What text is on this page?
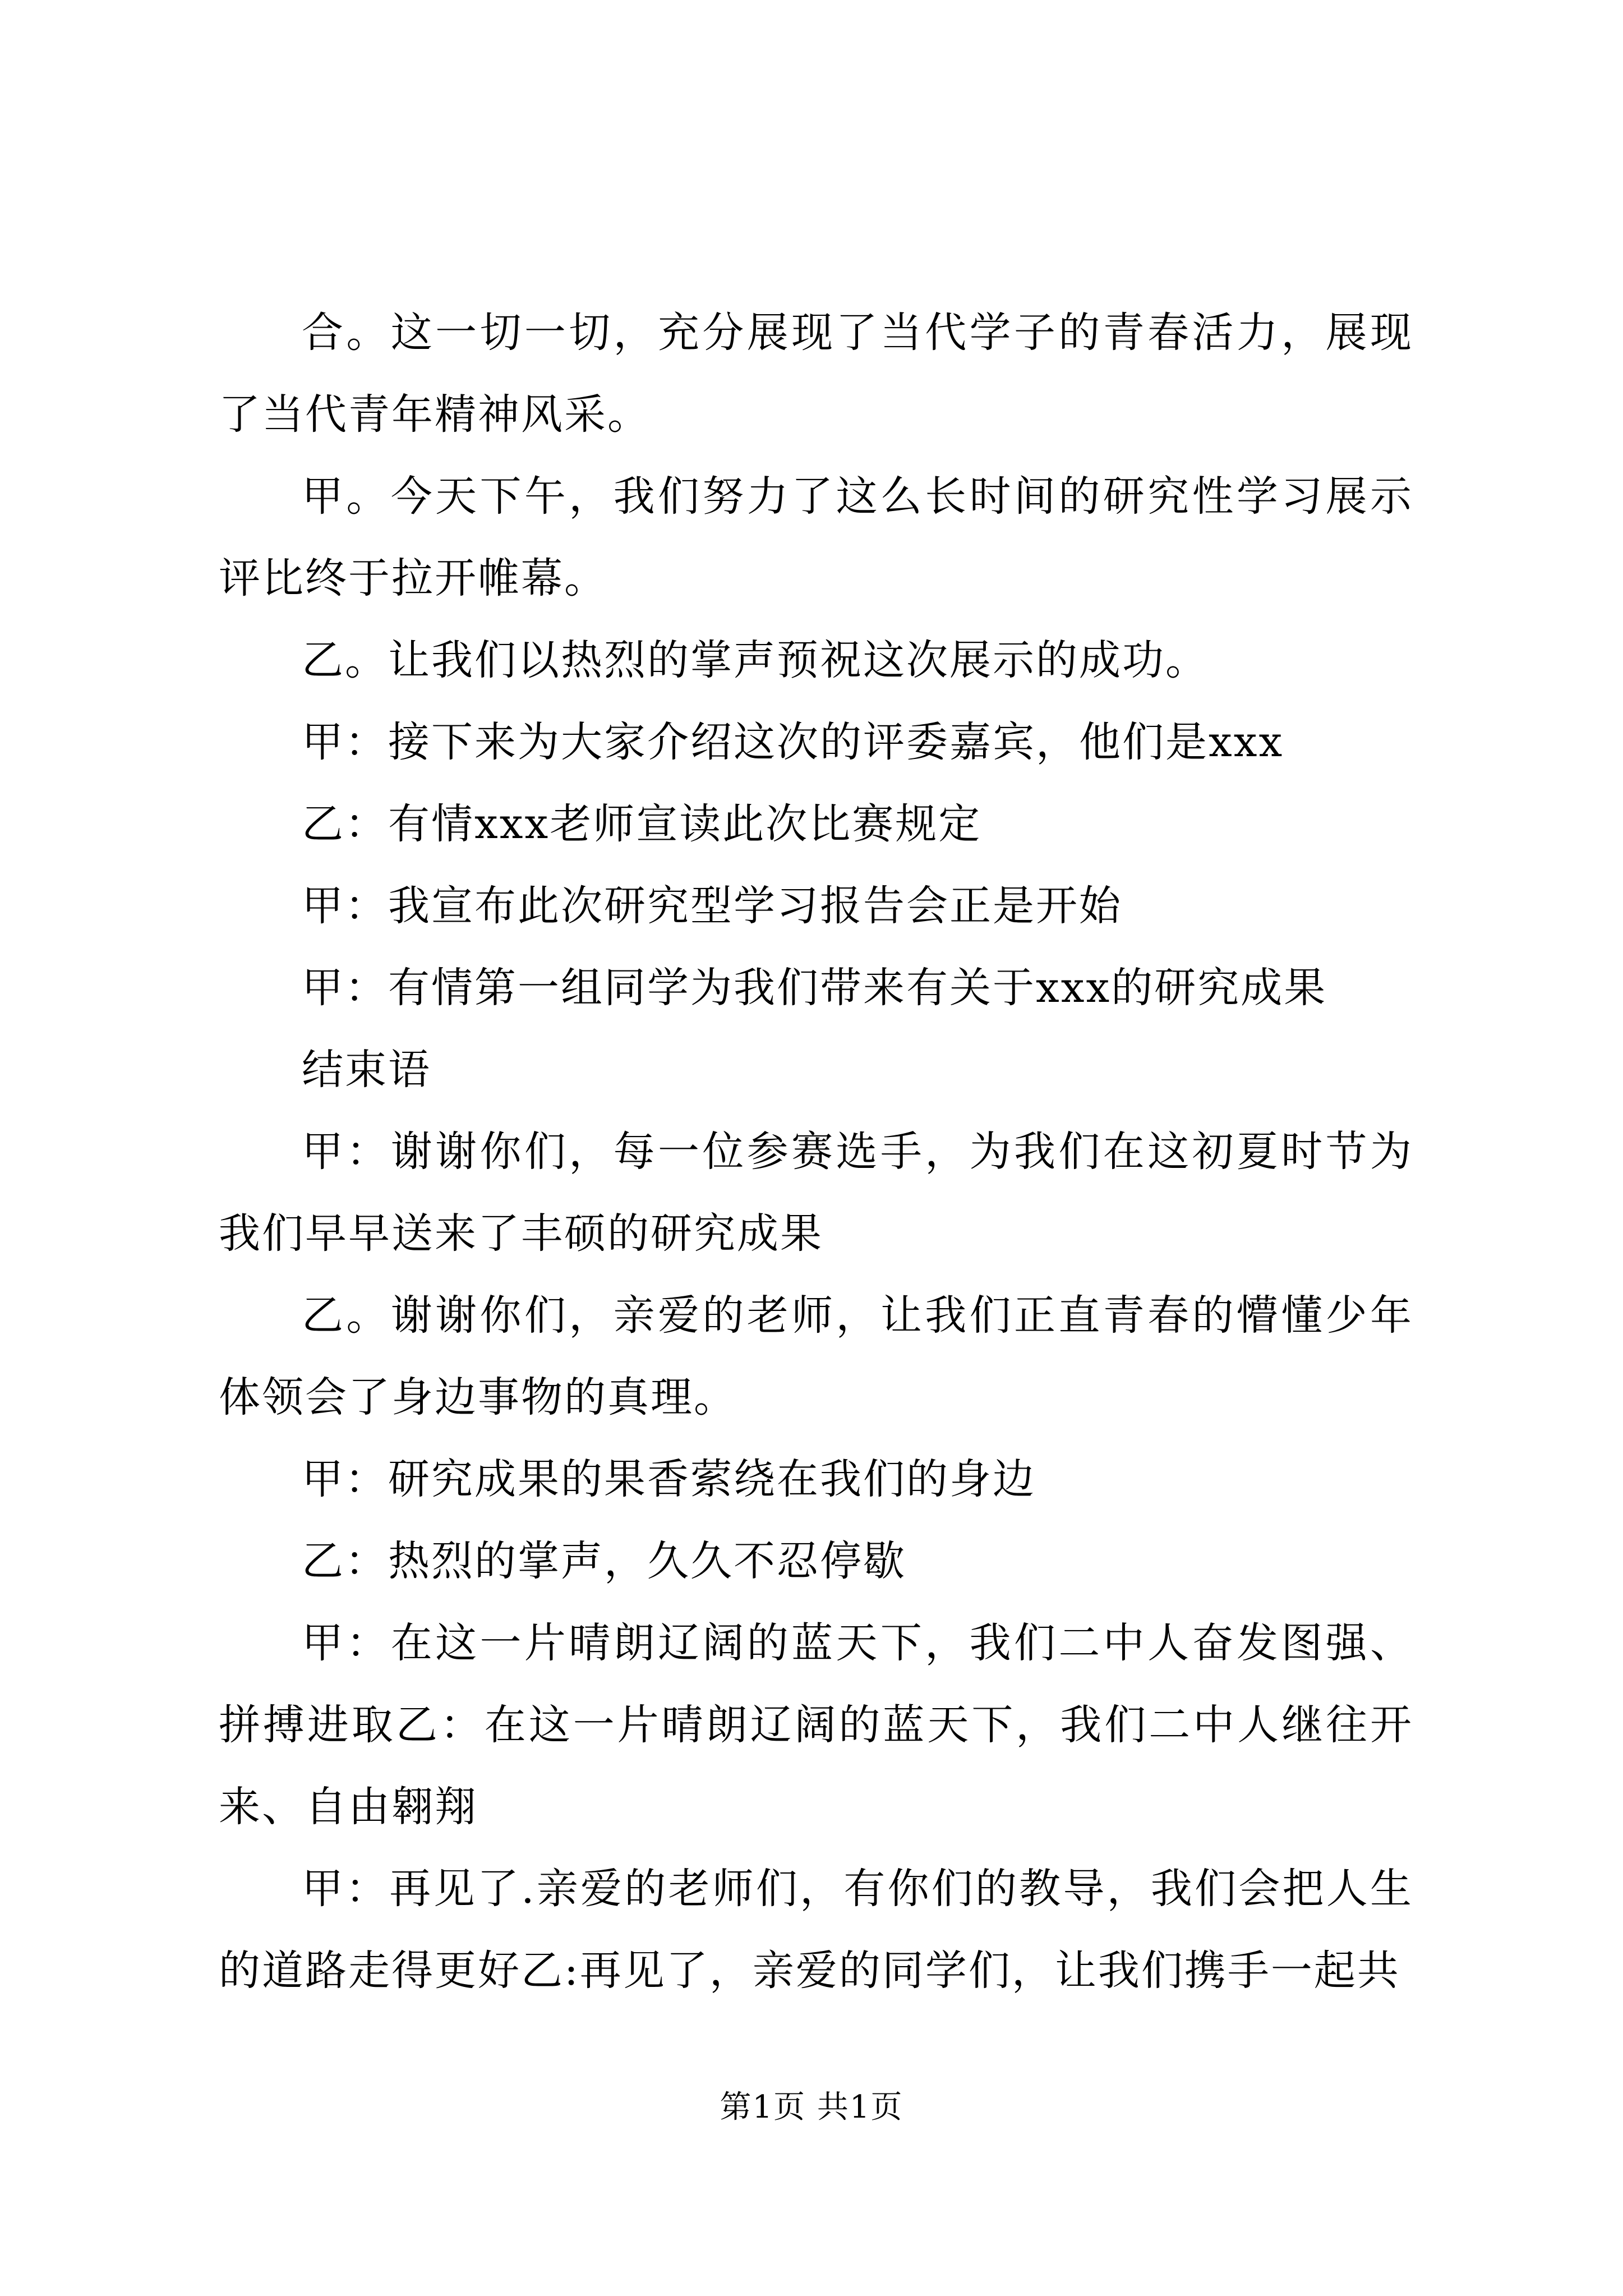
合。这一切一切，充分展现了当代学子的青春活力，展现了当代青年精神风采。

甲。今天下午，我们努力了这么长时间的研究性学习展示评比终于拉开帷幕。

乙。让我们以热烈的掌声预祝这次展示的成功。

甲：接下来为大家介绍这次的评委嘉宾，他们是xxx

乙：有情xxx老师宣读此次比赛规定

甲：我宣布此次研究型学习报告会正是开始

甲：有情第一组同学为我们带来有关于xxx的研究成果

结束语

甲：谢谢你们，每一位参赛选手，为我们在这初夏时节为我们早早送来了丰硕的研究成果

乙。谢谢你们，亲爱的老师，让我们正直青春的懵懂少年体领会了身边事物的真理。

甲：研究成果的果香萦绕在我们的身边

乙：热烈的掌声，久久不忍停歇

甲：在这一片晴朗辽阔的蓝天下，我们二中人奋发图强、拼搏进取乙：在这一片晴朗辽阔的蓝天下，我们二中人继往开来、自由翱翔

甲：再见了.亲爱的老师们，有你们的教导，我们会把人生的道路走得更好乙:再见了，亲爱的同学们，让我们携手一起共

第1页 共1页
